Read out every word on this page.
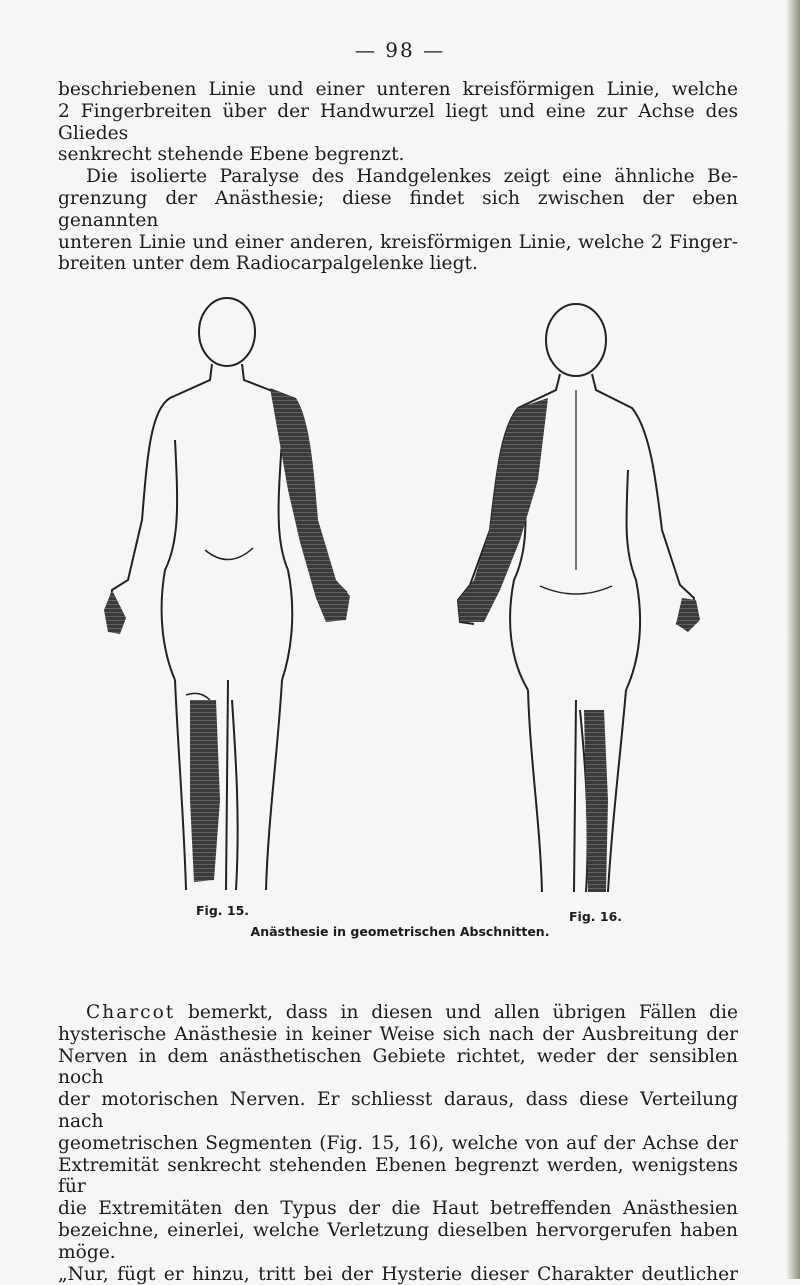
— 98 —
beschriebenen Linie und einer unteren kreisförmigen Linie, welche
2 Fingerbreiten über der Handwurzel liegt und eine zur Achse des Gliedes
senkrecht stehende Ebene begrenzt.
Die isolierte Paralyse des Handgelenkes zeigt eine ähnliche Be-
grenzung der Anästhesie; diese findet sich zwischen der eben genannten
unteren Linie und einer anderen, kreisförmigen Linie, welche 2 Finger-
breiten unter dem Radiocarpalgelenke liegt.
Fig. 15.	Fig. 16.
Anästhesie in geometrischen Abschnitten.
Charcot bemerkt, dass in diesen und allen übrigen Fällen die
hysterische Anästhesie in keiner Weise sich nach der Ausbreitung der
Nerven in dem anästhetischen Gebiete richtet, weder der sensiblen noch
der motorischen Nerven. Er schliesst daraus, dass diese Verteilung nach
geometrischen Segmenten (Fig. 15, 16), welche von auf der Achse der
Extremität senkrecht stehenden Ebenen begrenzt werden, wenigstens für
die Extremitäten den Typus der die Haut betreffenden Anästhesien
bezeichne, einerlei, welche Verletzung dieselben hervorgerufen haben möge.
„Nur, fügt er hinzu, tritt bei der Hysterie dieser Charakter deutlicher
